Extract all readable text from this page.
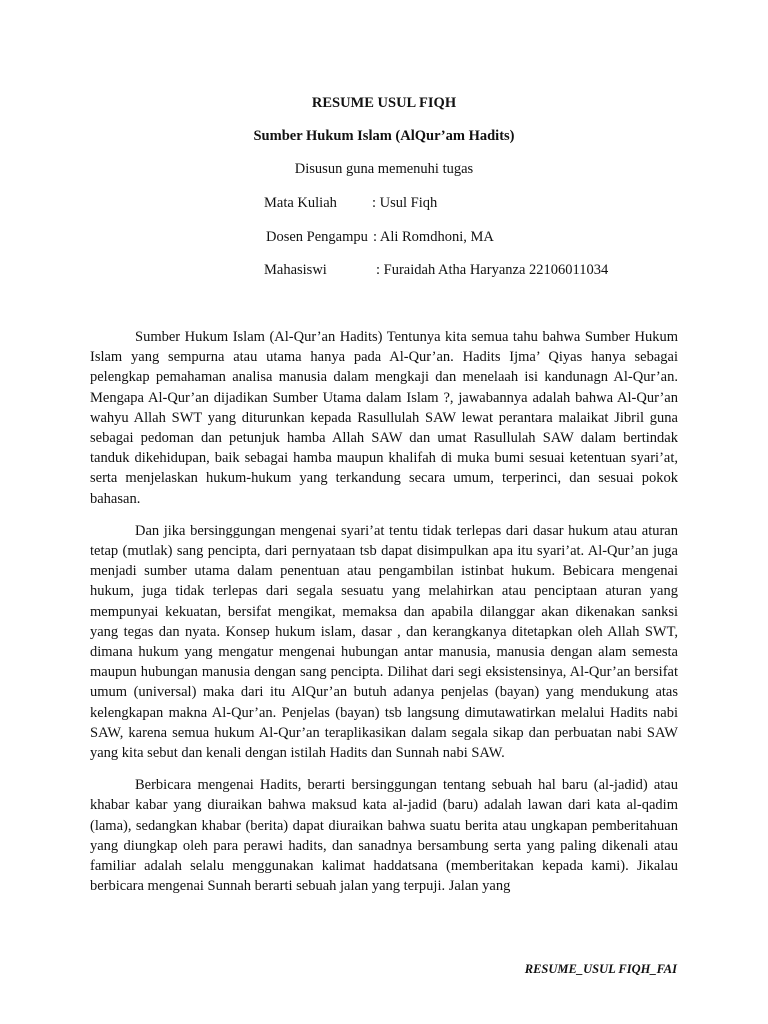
RESUME USUL FIQH
Sumber Hukum Islam (AlQur’am Hadits)
Disusun guna memenuhi tugas
Mata Kuliah : Usul Fiqh
Dosen Pengampu : Ali Romdhoni, MA
Mahasiswi	: Furaidah Atha Haryanza 22106011034

Sumber Hukum Islam (Al-Qur’an Hadits) Tentunya kita semua tahu bahwa Sumber Hukum Islam yang sempurna atau utama hanya pada Al-Qur’an. Hadits Ijma’ Qiyas hanya sebagai pelengkap pemahaman analisa manusia dalam mengkaji dan menelaah isi kandunagn Al-Qur’an. Mengapa Al-Qur’an dijadikan Sumber Utama dalam Islam ?, jawabannya adalah bahwa Al-Qur’an wahyu Allah SWT yang diturunkan kepada Rasullulah SAW lewat perantara malaikat Jibril guna sebagai pedoman dan petunjuk hamba Allah SAW dan umat Rasullulah SAW dalam bertindak tanduk dikehidupan, baik sebagai hamba maupun khalifah di muka bumi sesuai ketentuan syari’at, serta menjelaskan hukum-hukum yang terkandung secara umum, terperinci, dan sesuai pokok bahasan.

Dan jika bersinggungan mengenai syari’at tentu tidak terlepas dari dasar hukum atau aturan tetap (mutlak) sang pencipta, dari pernyataan tsb dapat disimpulkan apa itu syari’at. Al-Qur’an juga menjadi sumber utama dalam penentuan atau pengambilan istinbat hukum. Bebicara mengenai hukum, juga tidak terlepas dari segala sesuatu yang melahirkan atau penciptaan aturan yang mempunyai kekuatan, bersifat mengikat, memaksa dan apabila dilanggar akan dikenakan sanksi yang tegas dan nyata. Konsep hukum islam, dasar , dan kerangkanya ditetapkan oleh Allah SWT, dimana hukum yang mengatur mengenai hubungan antar manusia, manusia dengan alam semesta maupun hubungan manusia dengan sang pencipta. Dilihat dari segi eksistensinya, Al-Qur’an bersifat umum (universal) maka dari itu AlQur’an butuh adanya penjelas (bayan) yang mendukung atas kelengkapan makna Al-Qur’an. Penjelas (bayan) tsb langsung dimutawatirkan melalui Hadits nabi SAW, karena semua hukum Al-Qur’an teraplikasikan dalam segala sikap dan perbuatan nabi SAW yang kita sebut dan kenali dengan istilah Hadits dan Sunnah nabi SAW.

Berbicara mengenai Hadits, berarti bersinggungan tentang sebuah hal baru (al-jadid) atau khabar kabar yang diuraikan bahwa maksud kata al-jadid (baru) adalah lawan dari kata al-qadim (lama), sedangkan khabar (berita) dapat diuraikan bahwa suatu berita atau ungkapan pemberitahuan yang diungkap oleh para perawi hadits, dan sanadnya bersambung serta yang paling dikenali atau familiar adalah selalu menggunakan kalimat haddatsana (memberitakan kepada kami). Jikalau berbicara mengenai Sunnah berarti sebuah jalan yang terpuji. Jalan yang

RESUME_USUL FIQH_FAI
